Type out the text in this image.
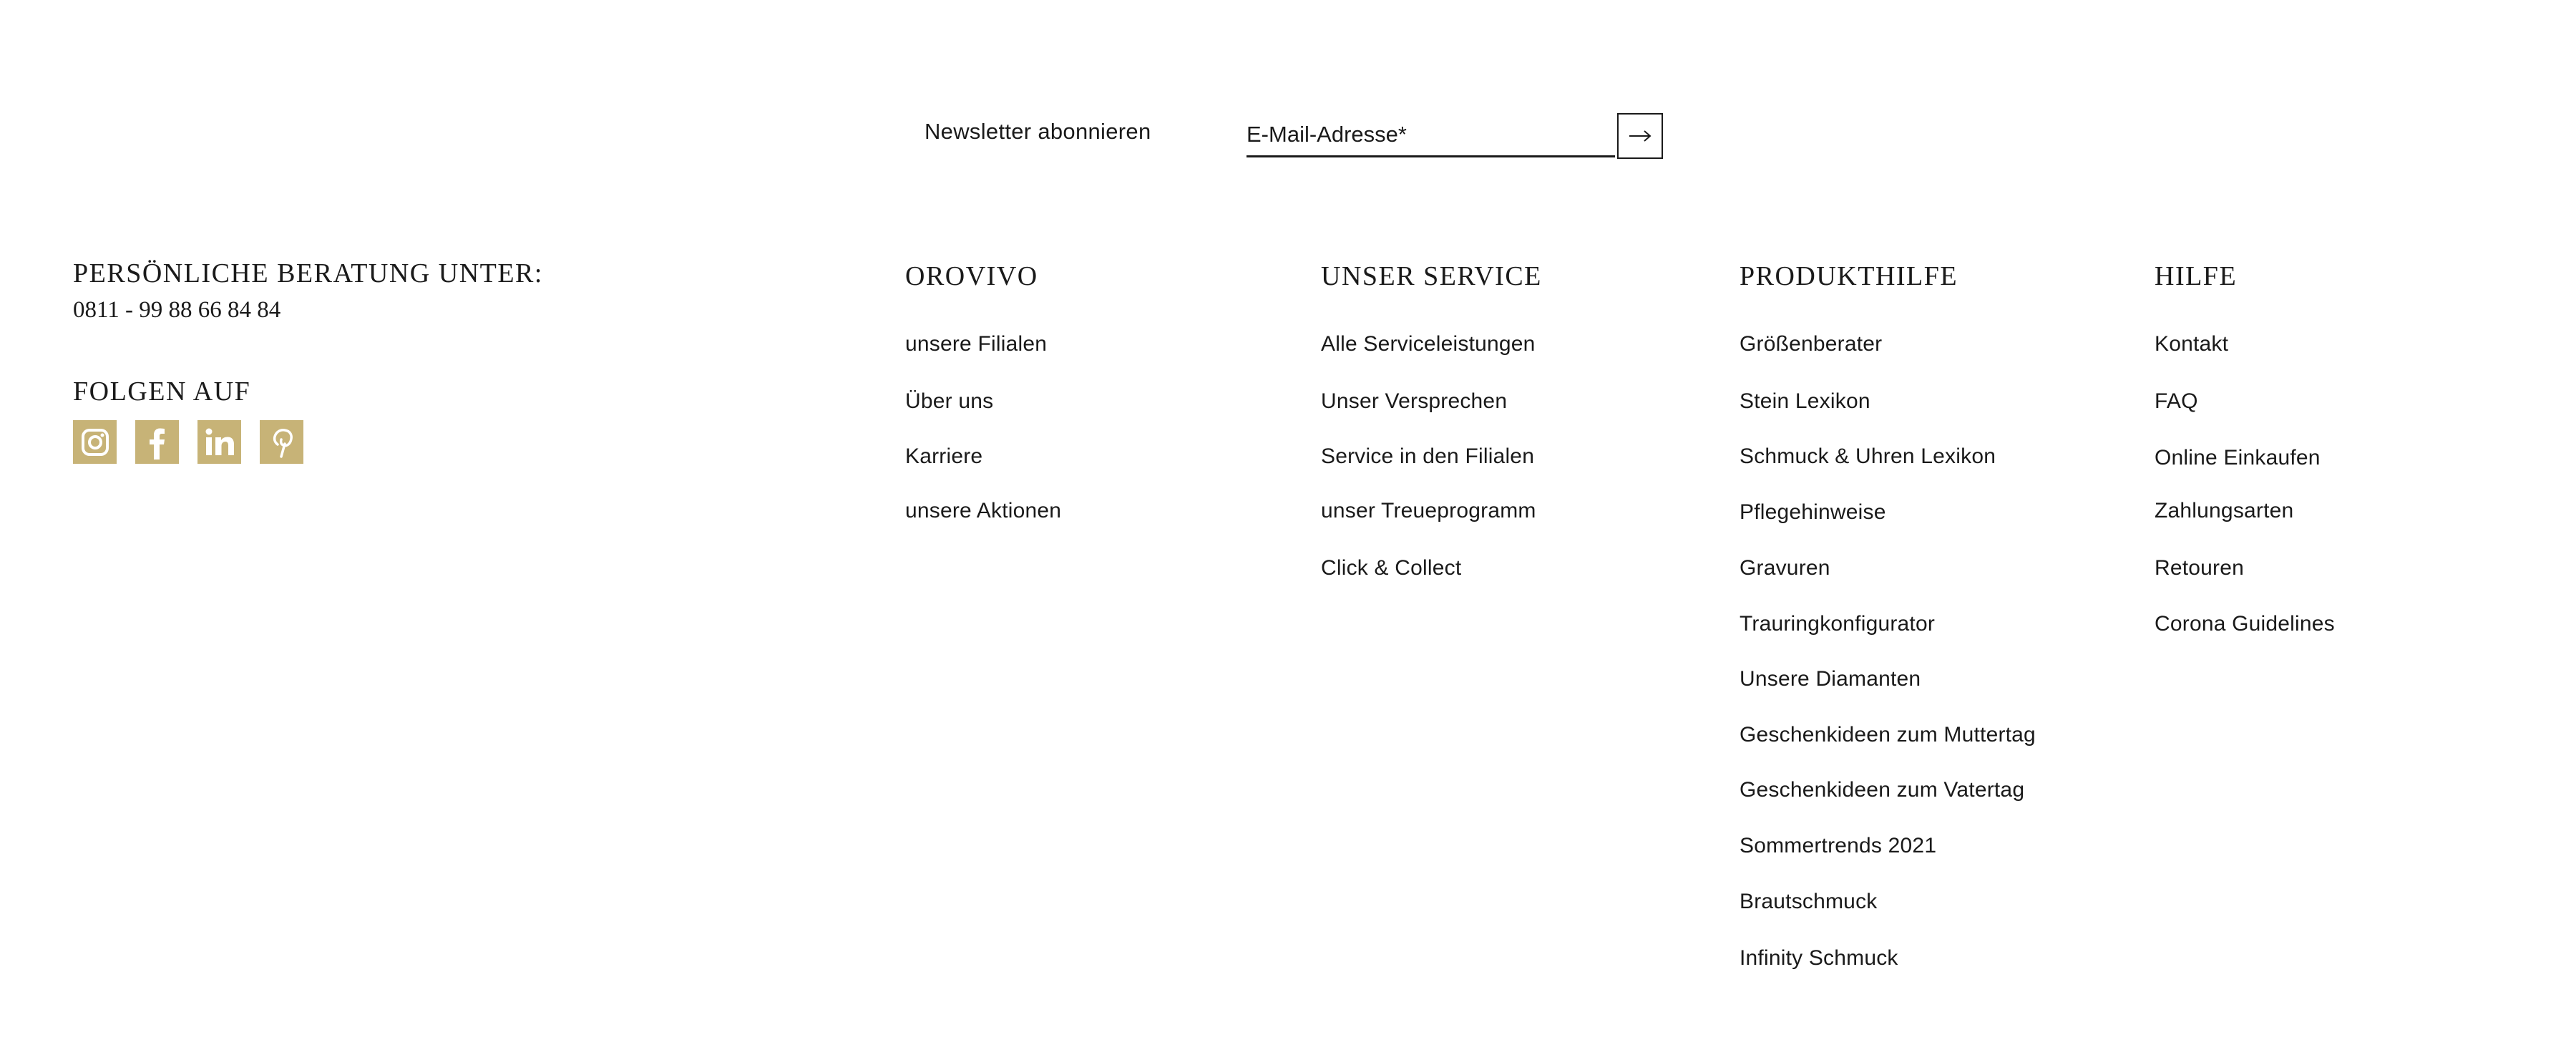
Newsletter abonnieren
E-Mail-Adresse*
PERSÖNLICHE BERATUNG UNTER:
0811 - 99 88 66 84 84
FOLGEN AUF
OROVIVO
unsere Filialen
Über uns
Karriere
unsere Aktionen
UNSER SERVICE
Alle Serviceleistungen
Unser Versprechen
Service in den Filialen
unser Treueprogramm
Click & Collect
PRODUKTHILFE
Größenberater
Stein Lexikon
Schmuck & Uhren Lexikon
Pflegehinweise
Gravuren
Trauringkonfigurator
Unsere Diamanten
Geschenkideen zum Muttertag
Geschenkideen zum Vatertag
Sommertrends 2021
Brautschmuck
Infinity Schmuck
HILFE
Kontakt
FAQ
Online Einkaufen
Zahlungsarten
Retouren
Corona Guidelines
